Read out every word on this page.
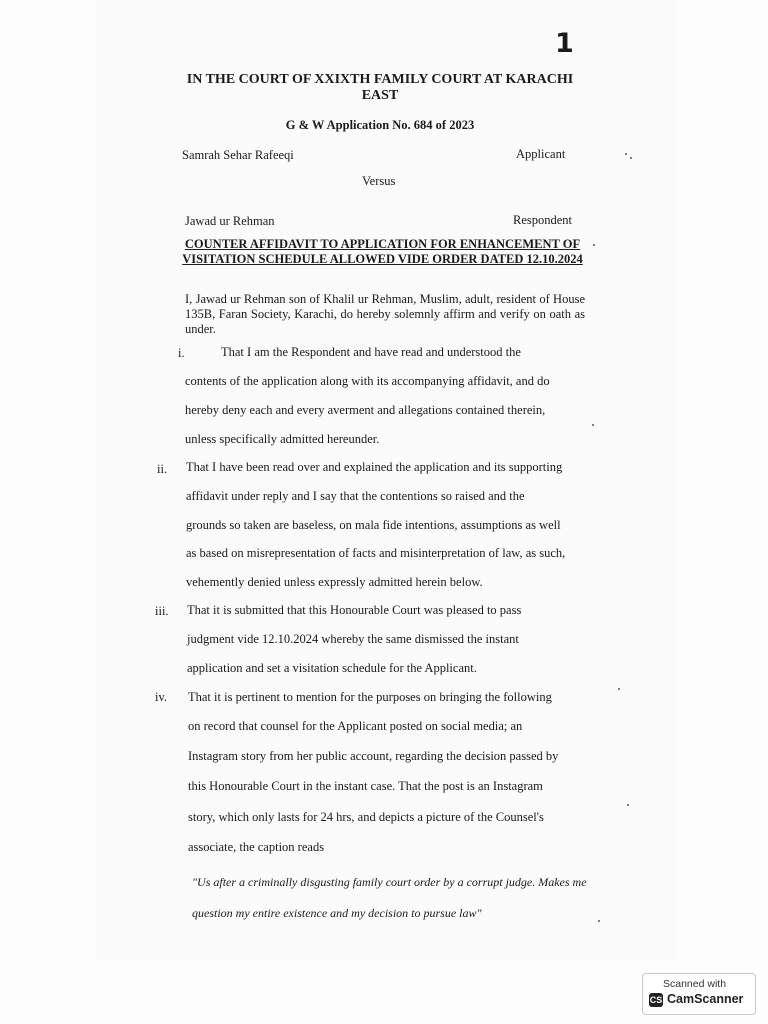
1
IN THE COURT OF XXIXTH FAMILY COURT AT KARACHI EAST
G & W Application No. 684 of 2023
Samrah Sehar Rafeeqi	Applicant
Versus
Jawad ur Rehman	Respondent
COUNTER AFFIDAVIT TO APPLICATION FOR ENHANCEMENT OF VISITATION SCHEDULE ALLOWED VIDE ORDER DATED 12.10.2024
I, Jawad ur Rehman son of Khalil ur Rehman, Muslim, adult, resident of House 135B, Faran Society, Karachi, do hereby solemnly affirm and verify on oath as under.
i.	That I am the Respondent and have read and understood the
contents of the application along with its accompanying affidavit, and do
hereby deny each and every averment and allegations contained therein,
unless specifically admitted hereunder.
ii. That I have been read over and explained the application and its supporting
affidavit under reply and I say that the contentions so raised and the
grounds so taken are baseless, on mala fide intentions, assumptions as well
as based on misrepresentation of facts and misinterpretation of law, as such,
vehemently denied unless expressly admitted herein below.
iii. That it is submitted that this Honourable Court was pleased to pass
judgment vide 12.10.2024 whereby the same dismissed the instant
application and set a visitation schedule for the Applicant.
iv. That it is pertinent to mention for the purposes on bringing the following
on record that counsel for the Applicant posted on social media; an
Instagram story from her public account, regarding the decision passed by
this Honourable Court in the instant case. That the post is an Instagram
story, which only lasts for 24 hrs, and depicts a picture of the Counsel's
associate, the caption reads
"Us after a criminally disgusting family court order by a corrupt judge. Makes me
question my entire existence and my decision to pursue law"
Scanned with
CS CamScanner
